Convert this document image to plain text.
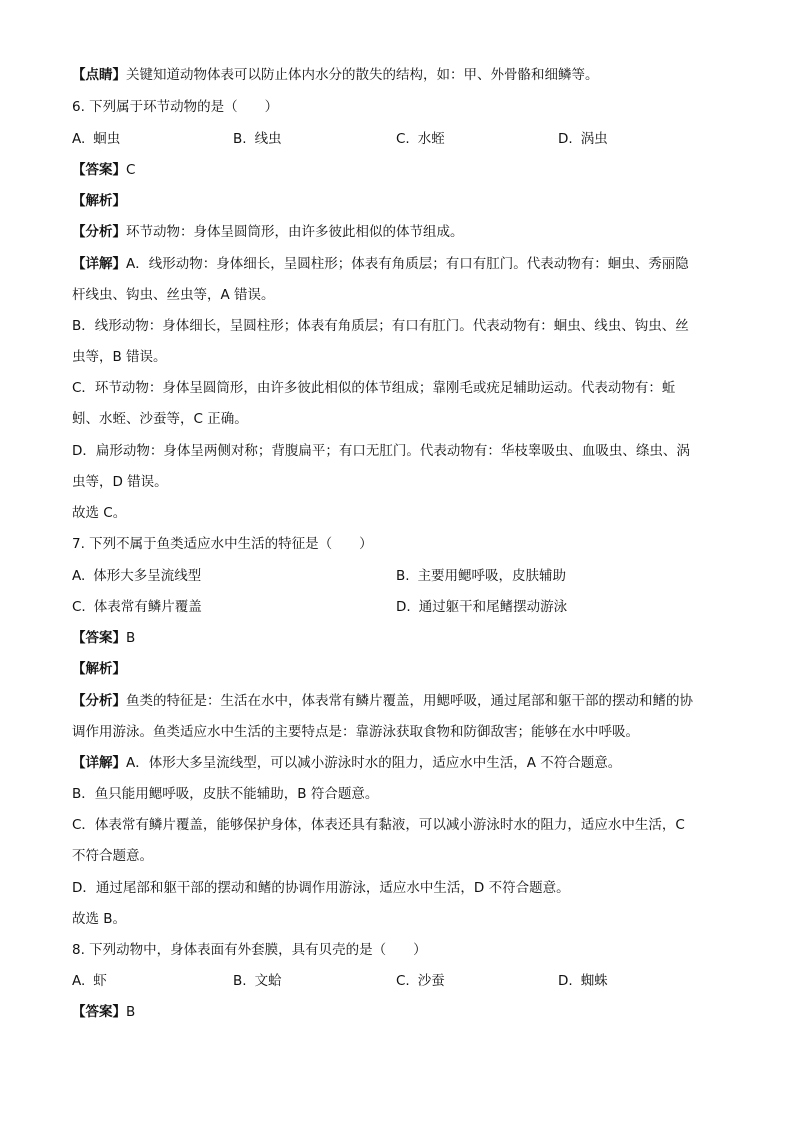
【点睛】关键知道动物体表可以防止体内水分的散失的结构，如：甲、外骨骼和细鳞等。
6. 下列属于环节动物的是（　　）
A. 蛔虫	B. 线虫	C. 水蛭	D. 涡虫
【答案】C
【解析】
【分析】环节动物：身体呈圆筒形，由许多彼此相似的体节组成。
【详解】A．线形动物：身体细长，呈圆柱形；体表有角质层；有口有肛门。代表动物有：蛔虫、秀丽隐
杆线虫、钩虫、丝虫等，A 错误。
B．线形动物：身体细长，呈圆柱形；体表有角质层；有口有肛门。代表动物有：蛔虫、线虫、钩虫、丝
虫等，B 错误。
C．环节动物：身体呈圆筒形，由许多彼此相似的体节组成；靠刚毛或疣足辅助运动。代表动物有：蚯
蚓、水蛭、沙蚕等，C 正确。
D．扁形动物：身体呈两侧对称；背腹扁平；有口无肛门。代表动物有：华枝睾吸虫、血吸虫、绦虫、涡
虫等，D 错误。
故选 C。
7. 下列不属于鱼类适应水中生活的特征是（　　）
A. 体形大多呈流线型	B. 主要用鳃呼吸，皮肤辅助
C. 体表常有鳞片覆盖	D. 通过躯干和尾鳍摆动游泳
【答案】B
【解析】
【分析】鱼类的特征是：生活在水中，体表常有鳞片覆盖，用鳃呼吸，通过尾部和躯干部的摆动和鳍的协
调作用游泳。鱼类适应水中生活的主要特点是：靠游泳获取食物和防御敌害；能够在水中呼吸。
【详解】A．体形大多呈流线型，可以减小游泳时水的阻力，适应水中生活，A 不符合题意。
B．鱼只能用鳃呼吸，皮肤不能辅助，B 符合题意。
C．体表常有鳞片覆盖，能够保护身体，体表还具有黏液，可以减小游泳时水的阻力，适应水中生活，C
不符合题意。
D．通过尾部和躯干部的摆动和鳍的协调作用游泳，适应水中生活，D 不符合题意。
故选 B。
8. 下列动物中，身体表面有外套膜，具有贝壳的是（　　）
A. 虾	B. 文蛤	C. 沙蚕	D. 蜘蛛
【答案】B
